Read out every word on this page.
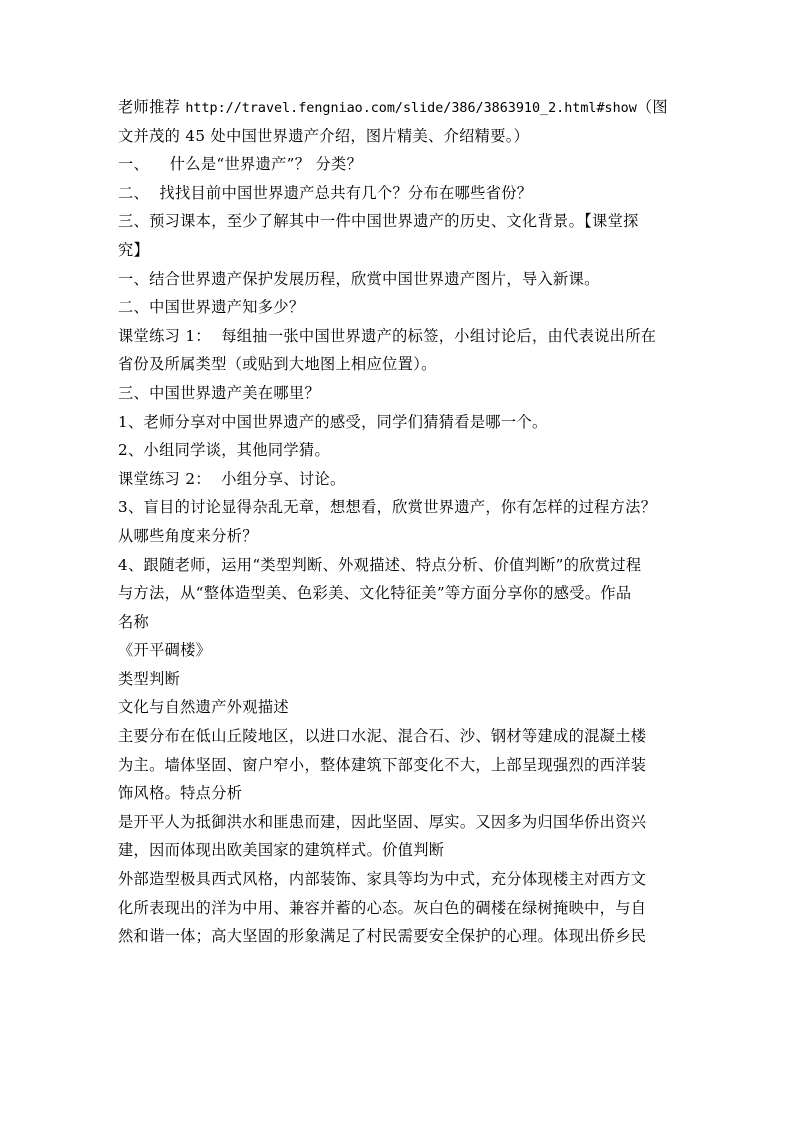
老师推荐 http://travel.fengniao.com/slide/386/3863910_2.html#show（图
文并茂的 45 处中国世界遗产介绍，图片精美、介绍精要。）
一、    什么是“世界遗产”？ 分类？
二、  找找目前中国世界遗产总共有几个？分布在哪些省份？
三、预习课本，至少了解其中一件中国世界遗产的历史、文化背景。【课堂探
究】
一、结合世界遗产保护发展历程，欣赏中国世界遗产图片，导入新课。
二、中国世界遗产知多少？
课堂练习 1：  每组抽一张中国世界遗产的标签，小组讨论后，由代表说出所在
省份及所属类型（或贴到大地图上相应位置）。
三、中国世界遗产美在哪里？
1、老师分享对中国世界遗产的感受，同学们猜猜看是哪一个。
2、小组同学谈，其他同学猜。
课堂练习 2：  小组分享、讨论。
3、盲目的讨论显得杂乱无章，想想看，欣赏世界遗产，你有怎样的过程方法？
从哪些角度来分析？
4、跟随老师，运用“类型判断、外观描述、特点分析、价值判断”的欣赏过程
与方法，从“整体造型美、色彩美、文化特征美”等方面分享你的感受。作品
名称
《开平碉楼》
类型判断
文化与自然遗产外观描述
主要分布在低山丘陵地区，以进口水泥、混合石、沙、钢材等建成的混凝土楼
为主。墙体坚固、窗户窄小，整体建筑下部变化不大，上部呈现强烈的西洋装
饰风格。特点分析
是开平人为抵御洪水和匪患而建，因此坚固、厚实。又因多为归国华侨出资兴
建，因而体现出欧美国家的建筑样式。价值判断
外部造型极具西式风格，内部装饰、家具等均为中式，充分体现楼主对西方文
化所表现出的洋为中用、兼容并蓄的心态。灰白色的碉楼在绿树掩映中，与自
然和谐一体；高大坚固的形象满足了村民需要安全保护的心理。体现出侨乡民
